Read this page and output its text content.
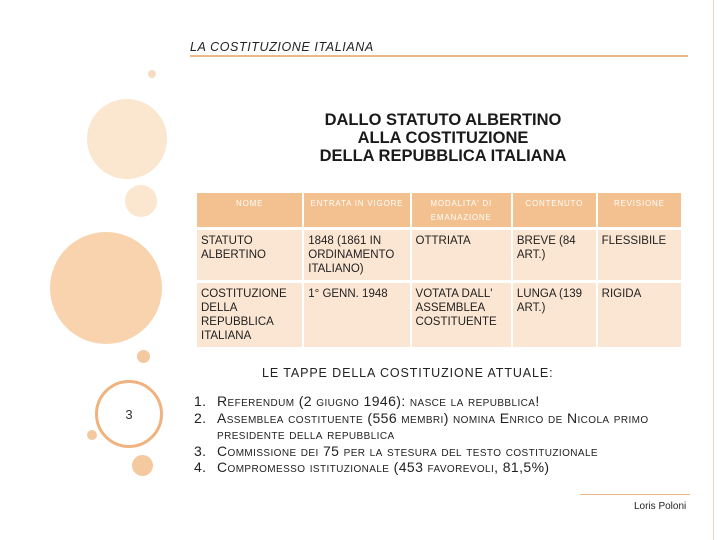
LA COSTITUZIONE ITALIANA
3
DALLO STATUTO ALBERTINO
ALLA COSTITUZIONE
DELLA REPUBBLICA ITALIANA
NOME	ENTRATA IN VIGORE	MODALITA' DI EMANAZIONE	CONTENUTO	REVISIONE
STATUTO ALBERTINO	1848 (1861 IN ORDINAMENTO ITALIANO)	OTTRIATA	BREVE (84 ART.)	FLESSIBILE
COSTITUZIONE DELLA REPUBBLICA ITALIANA	1° GENN. 1948	VOTATA DALL' ASSEMBLEA COSTITUENTE	LUNGA (139 ART.)	RIGIDA
LE TAPPE DELLA COSTITUZIONE ATTUALE:
1. Referendum (2 giugno 1946): nasce la repubblica!
2. Assemblea costituente (556 membri) nomina Enrico de Nicola primo presidente della repubblica
3. Commissione dei 75 per la stesura del testo costituzionale
4. Compromesso istituzionale (453 favorevoli, 81,5%)
Loris Poloni
